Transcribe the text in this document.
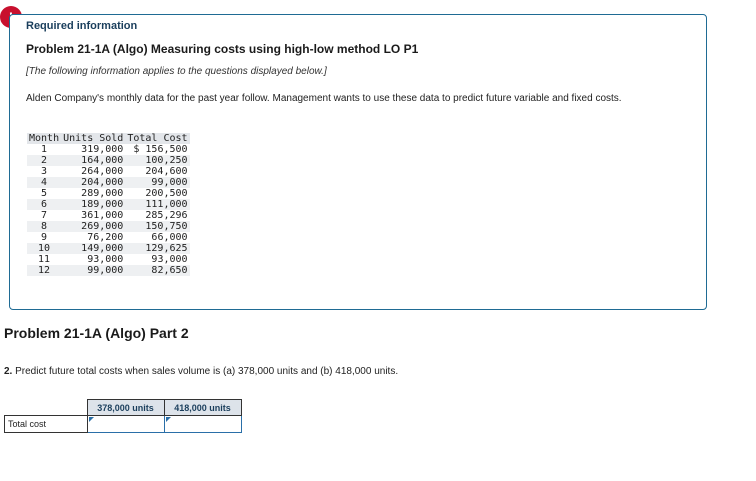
Required information
Problem 21-1A (Algo) Measuring costs using high-low method LO P1
[The following information applies to the questions displayed below.]
Alden Company's monthly data for the past year follow. Management wants to use these data to predict future variable and fixed costs.
Month	Units Sold	Total Cost
1	319,000	$ 156,500
2	164,000	100,250
3	264,000	204,600
4	204,000	99,000
5	289,000	200,500
6	189,000	111,000
7	361,000	285,296
8	269,000	150,750
9	76,200	66,000
10	149,000	129,625
11	93,000	93,000
12	99,000	82,650
Problem 21-1A (Algo) Part 2
2. Predict future total costs when sales volume is (a) 378,000 units and (b) 418,000 units.
	378,000 units	418,000 units
Total cost	
